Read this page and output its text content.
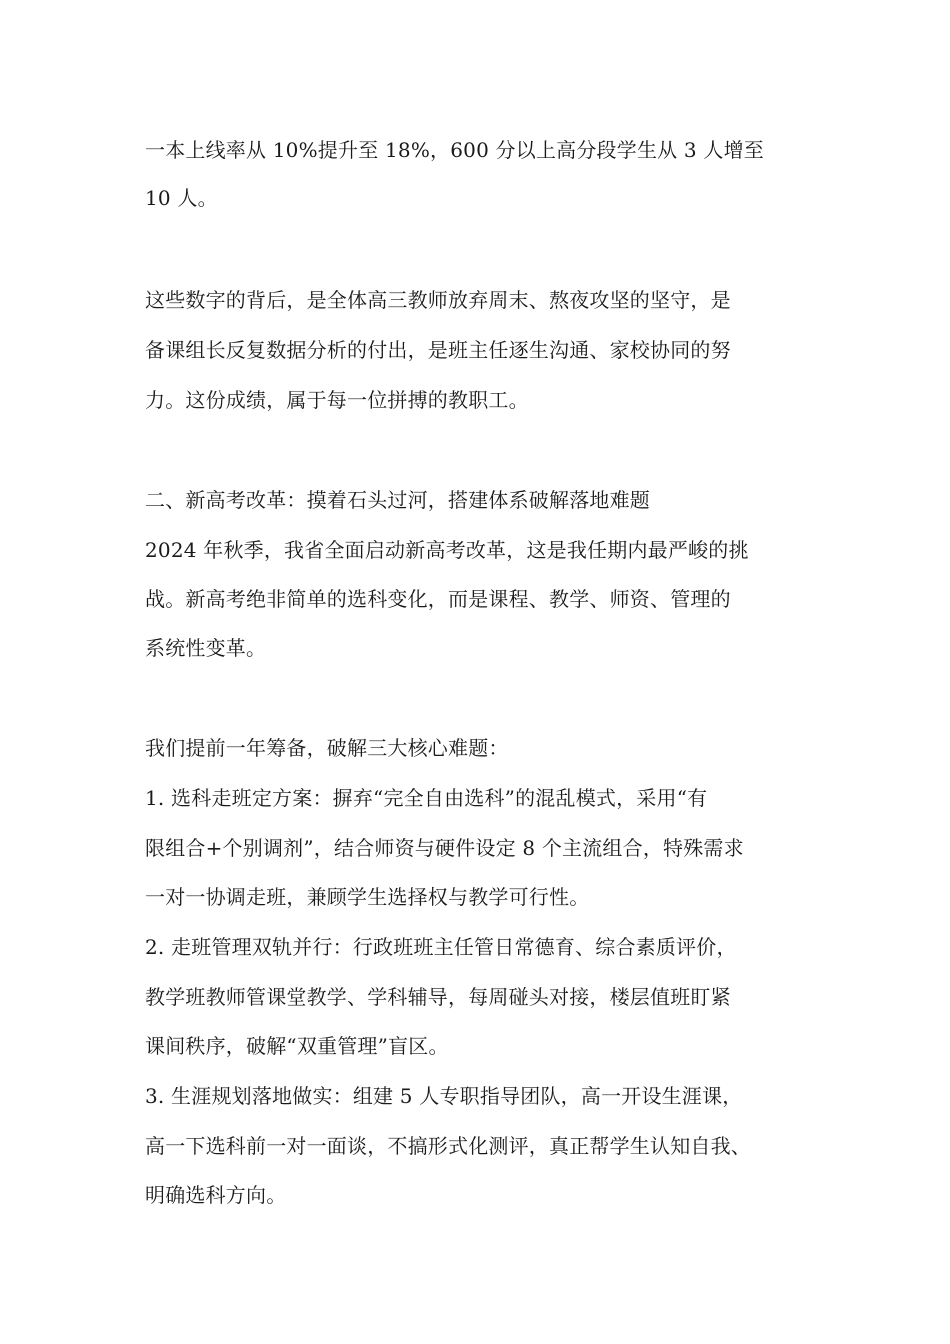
一本上线率从 10%提升至 18%，600 分以上高分段学生从 3 人增至
10 人。
这些数字的背后，是全体高三教师放弃周末、熬夜攻坚的坚守，是
备课组长反复数据分析的付出，是班主任逐生沟通、家校协同的努
力。这份成绩，属于每一位拼搏的教职工。
二、新高考改革：摸着石头过河，搭建体系破解落地难题
2024 年秋季，我省全面启动新高考改革，这是我任期内最严峻的挑
战。新高考绝非简单的选科变化，而是课程、教学、师资、管理的
系统性变革。
我们提前一年筹备，破解三大核心难题：
1. 选科走班定方案：摒弃“完全自由选科”的混乱模式，采用“有
限组合+个别调剂”，结合师资与硬件设定 8 个主流组合，特殊需求
一对一协调走班，兼顾学生选择权与教学可行性。
2. 走班管理双轨并行：行政班班主任管日常德育、综合素质评价，
教学班教师管课堂教学、学科辅导，每周碰头对接，楼层值班盯紧
课间秩序，破解“双重管理”盲区。
3. 生涯规划落地做实：组建 5 人专职指导团队，高一开设生涯课，
高一下选科前一对一面谈，不搞形式化测评，真正帮学生认知自我、
明确选科方向。
